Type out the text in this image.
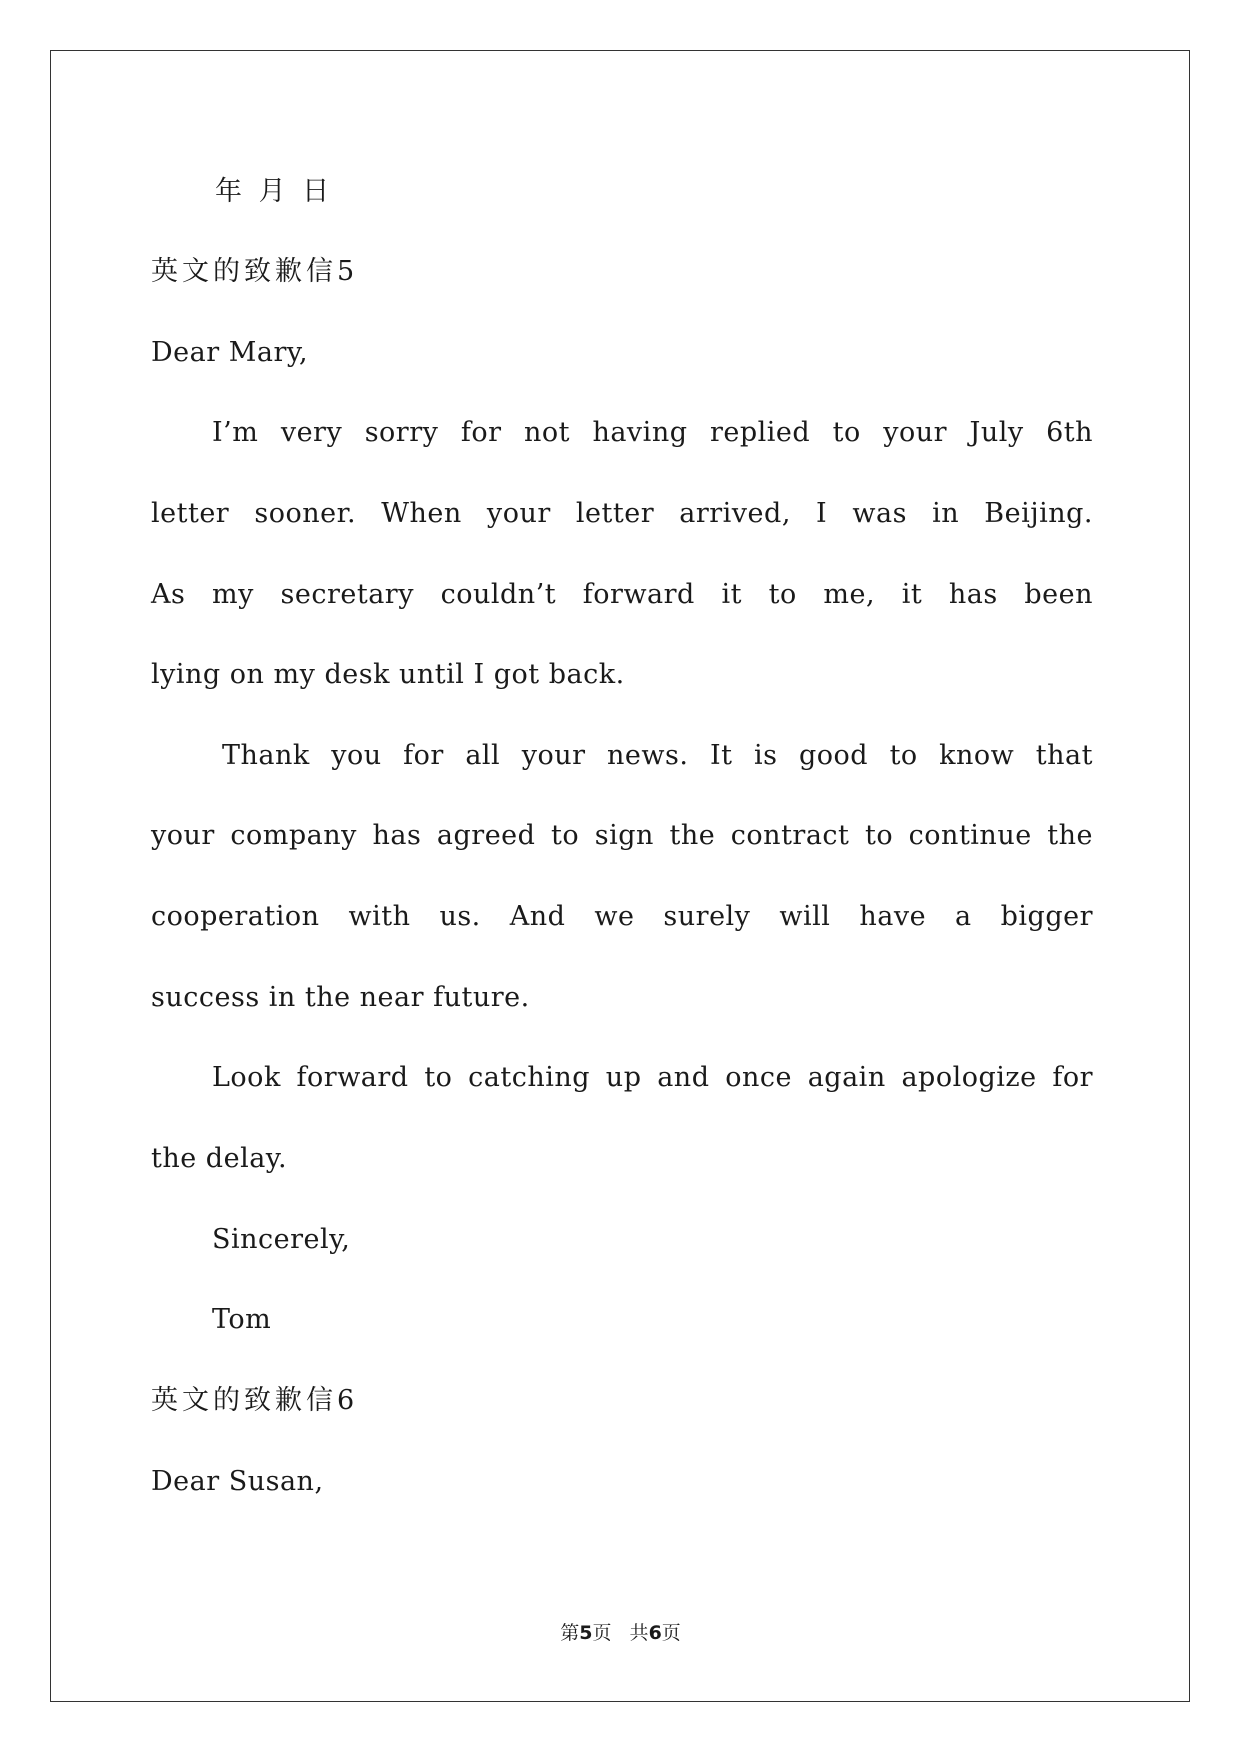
年 月 日
英文的致歉信5
Dear Mary,
I’m very sorry for not having replied to your July 6th
letter sooner. When your letter arrived, I was in Beijing.
As my secretary couldn’t forward it to me, it has been
lying on my desk until I got back.
Thank you for all your news. It is good to know that
your company has agreed to sign the contract to continue the
cooperation with us. And we surely will have a bigger
success in the near future.
Look forward to catching up and once again apologize for
the delay.
Sincerely,
Tom
英文的致歉信6
Dear Susan,
第5页   共6页
